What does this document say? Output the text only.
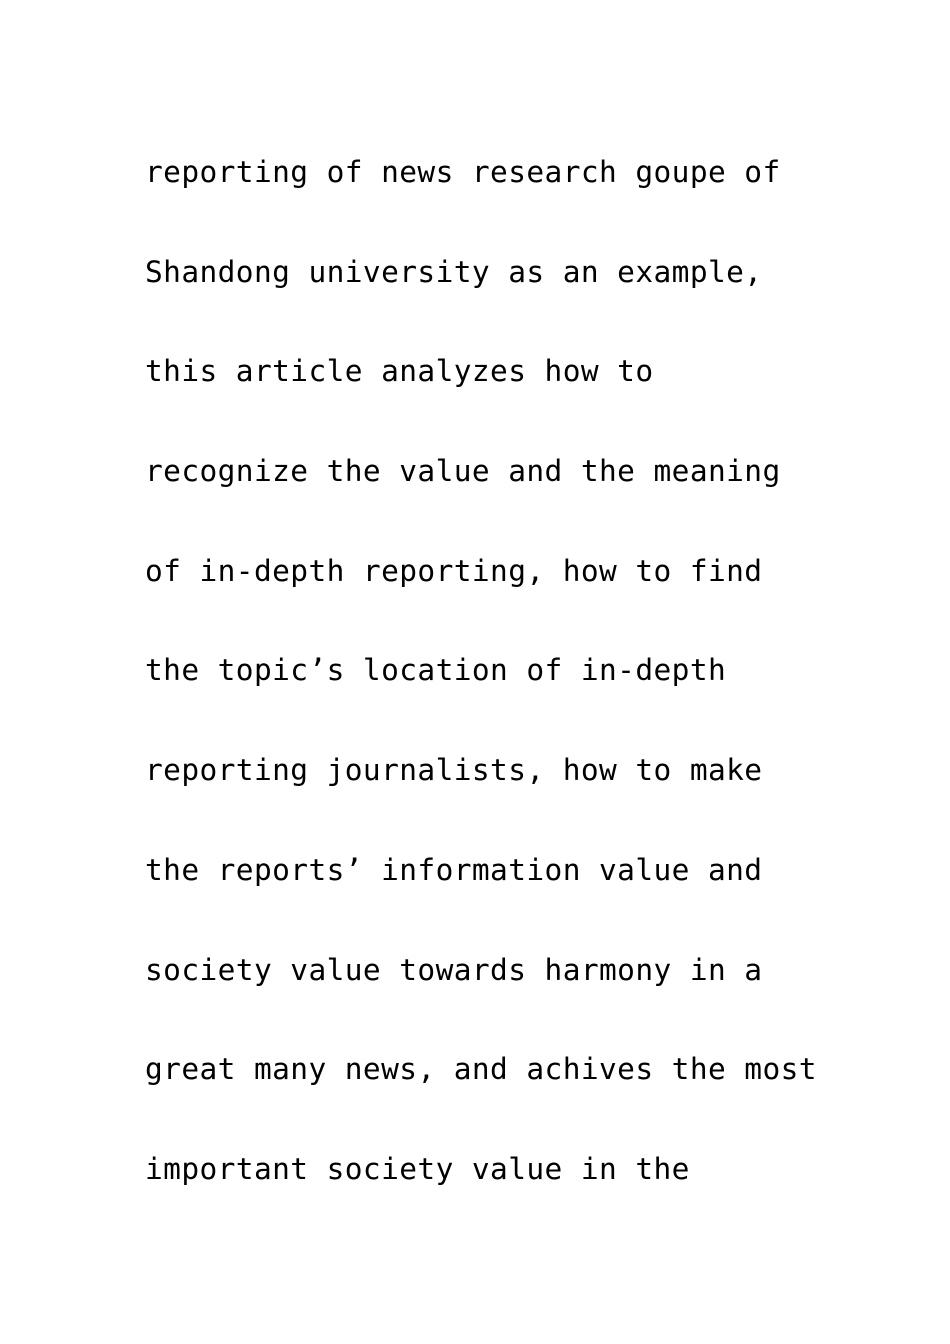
reporting of news research goupe of
Shandong university as an example,
this article analyzes how to
recognize the value and the meaning
of in-depth reporting, how to find
the topic’s location of in-depth
reporting journalists, how to make
the reports’ information value and
society value towards harmony in a
great many news, and achives the most
important society value in the
